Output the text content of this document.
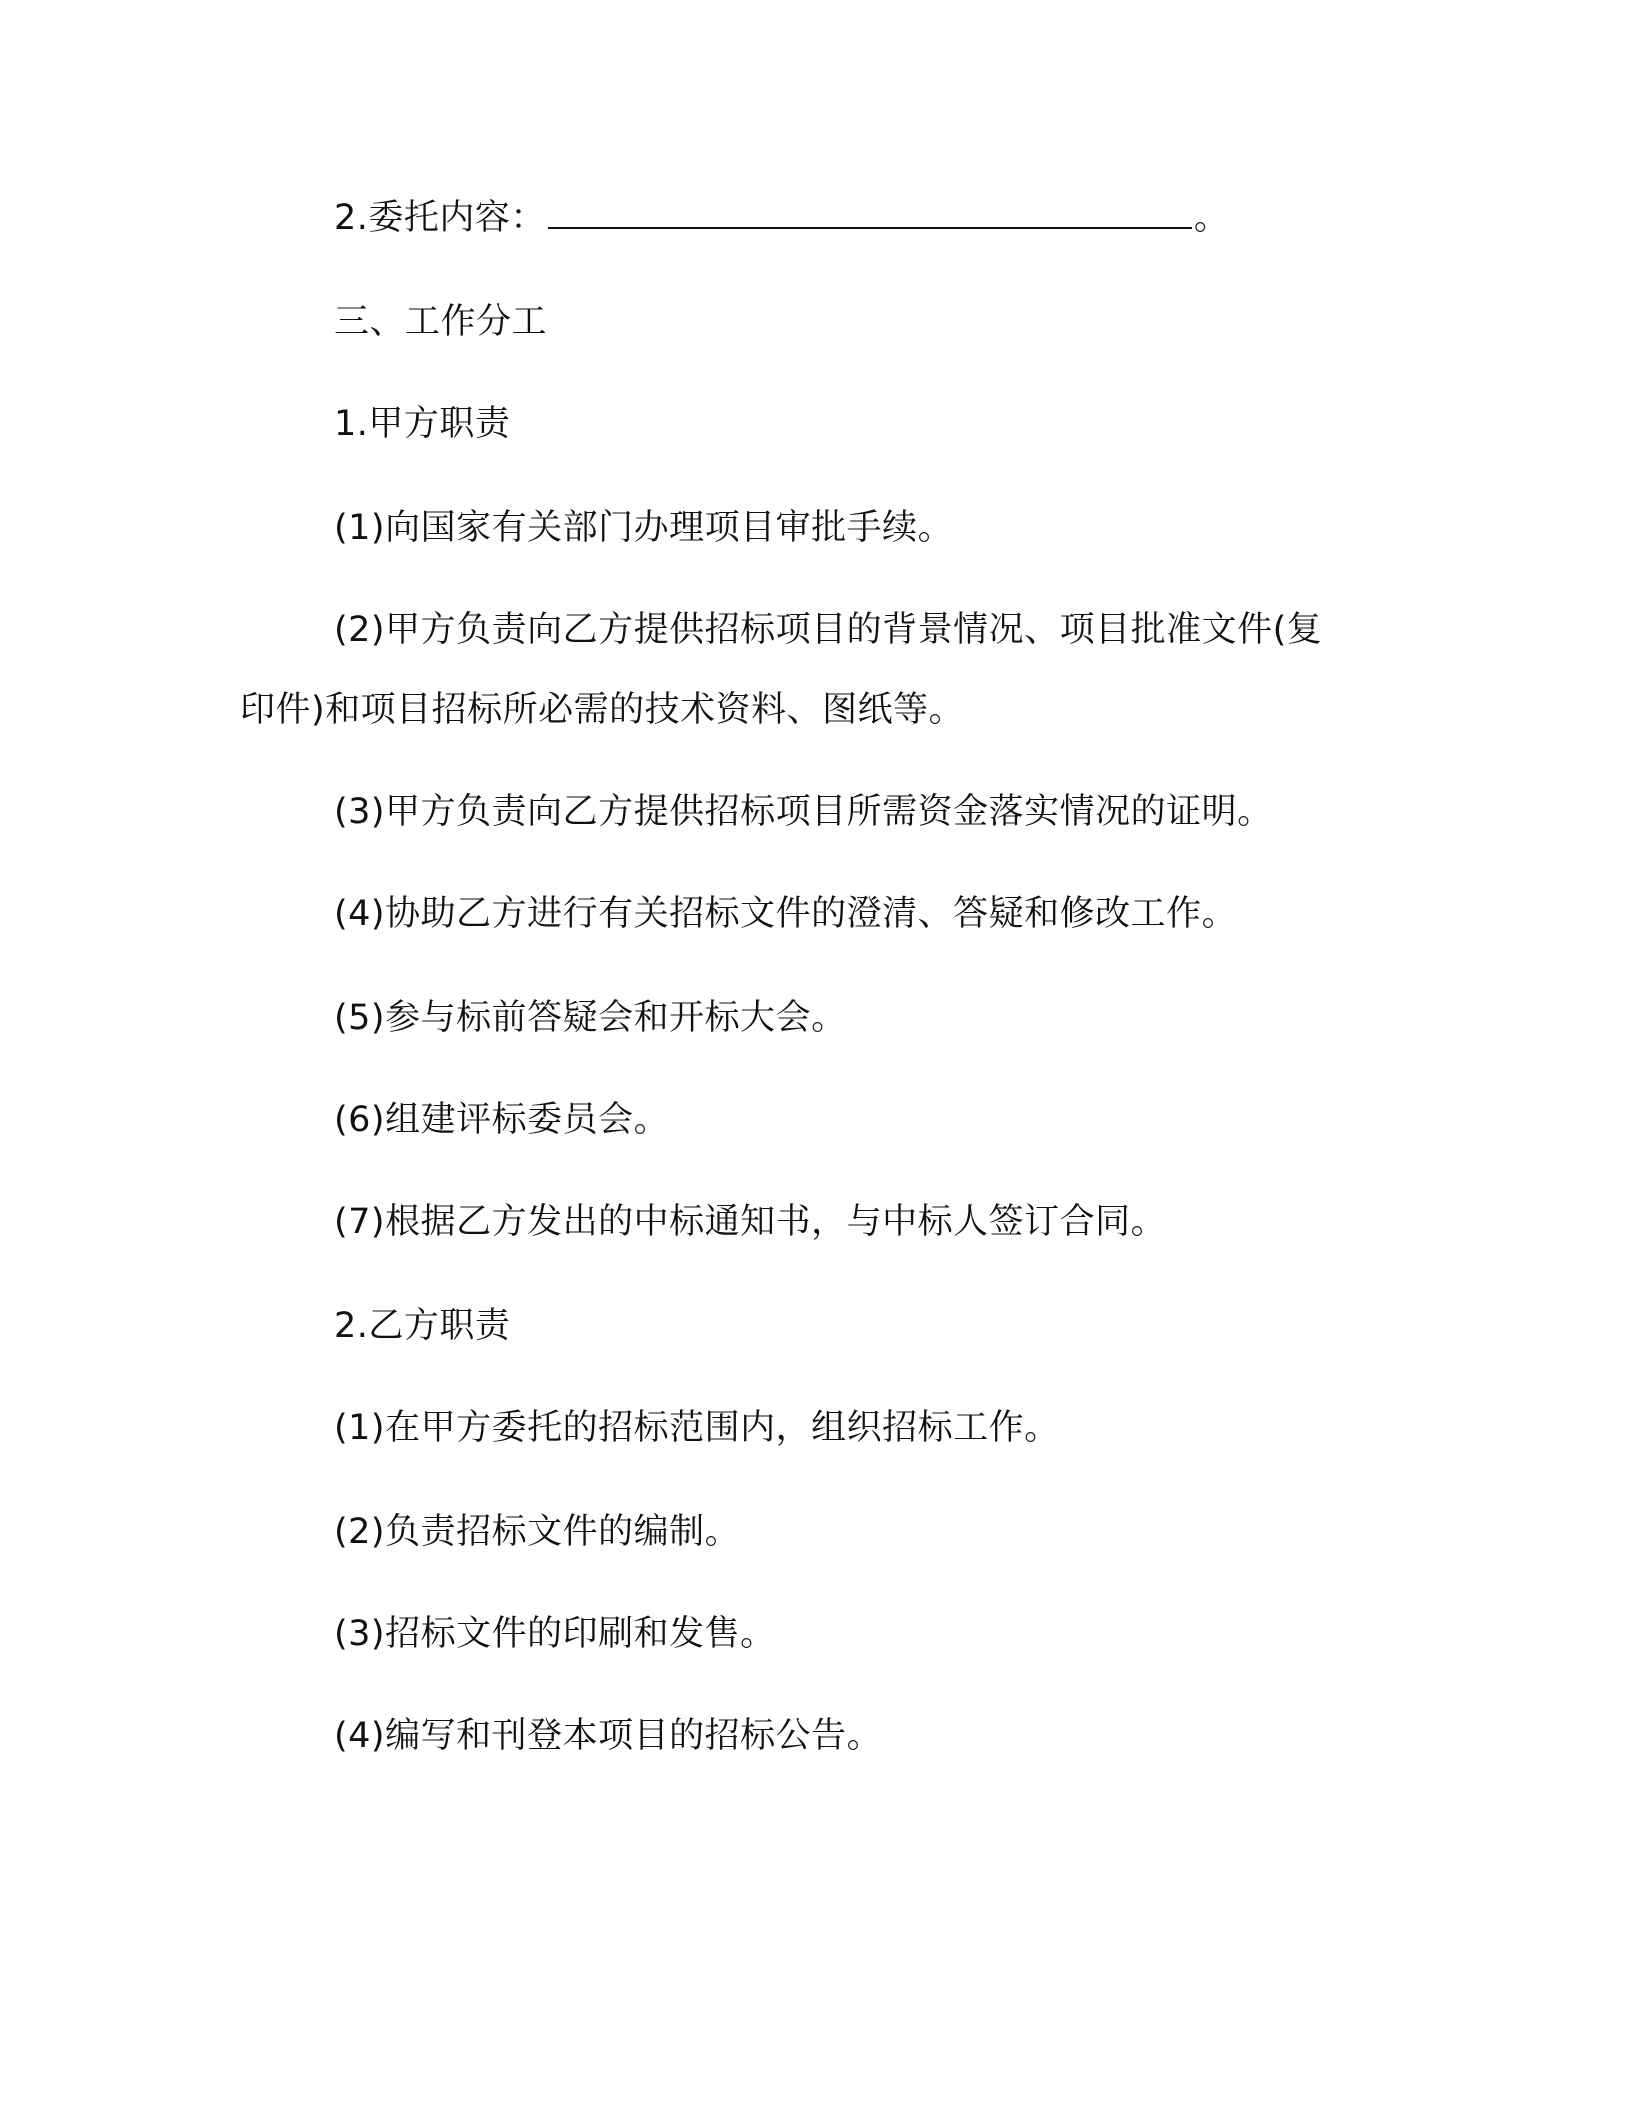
2.委托内容：	。
三、工作分工
1.甲方职责
(1)向国家有关部门办理项目审批手续。
(2)甲方负责向乙方提供招标项目的背景情况、项目批准文件(复
印件)和项目招标所必需的技术资料、图纸等。
(3)甲方负责向乙方提供招标项目所需资金落实情况的证明。
(4)协助乙方进行有关招标文件的澄清、答疑和修改工作。
(5)参与标前答疑会和开标大会。
(6)组建评标委员会。
(7)根据乙方发出的中标通知书，与中标人签订合同。
2.乙方职责
(1)在甲方委托的招标范围内，组织招标工作。
(2)负责招标文件的编制。
(3)招标文件的印刷和发售。
(4)编写和刊登本项目的招标公告。
